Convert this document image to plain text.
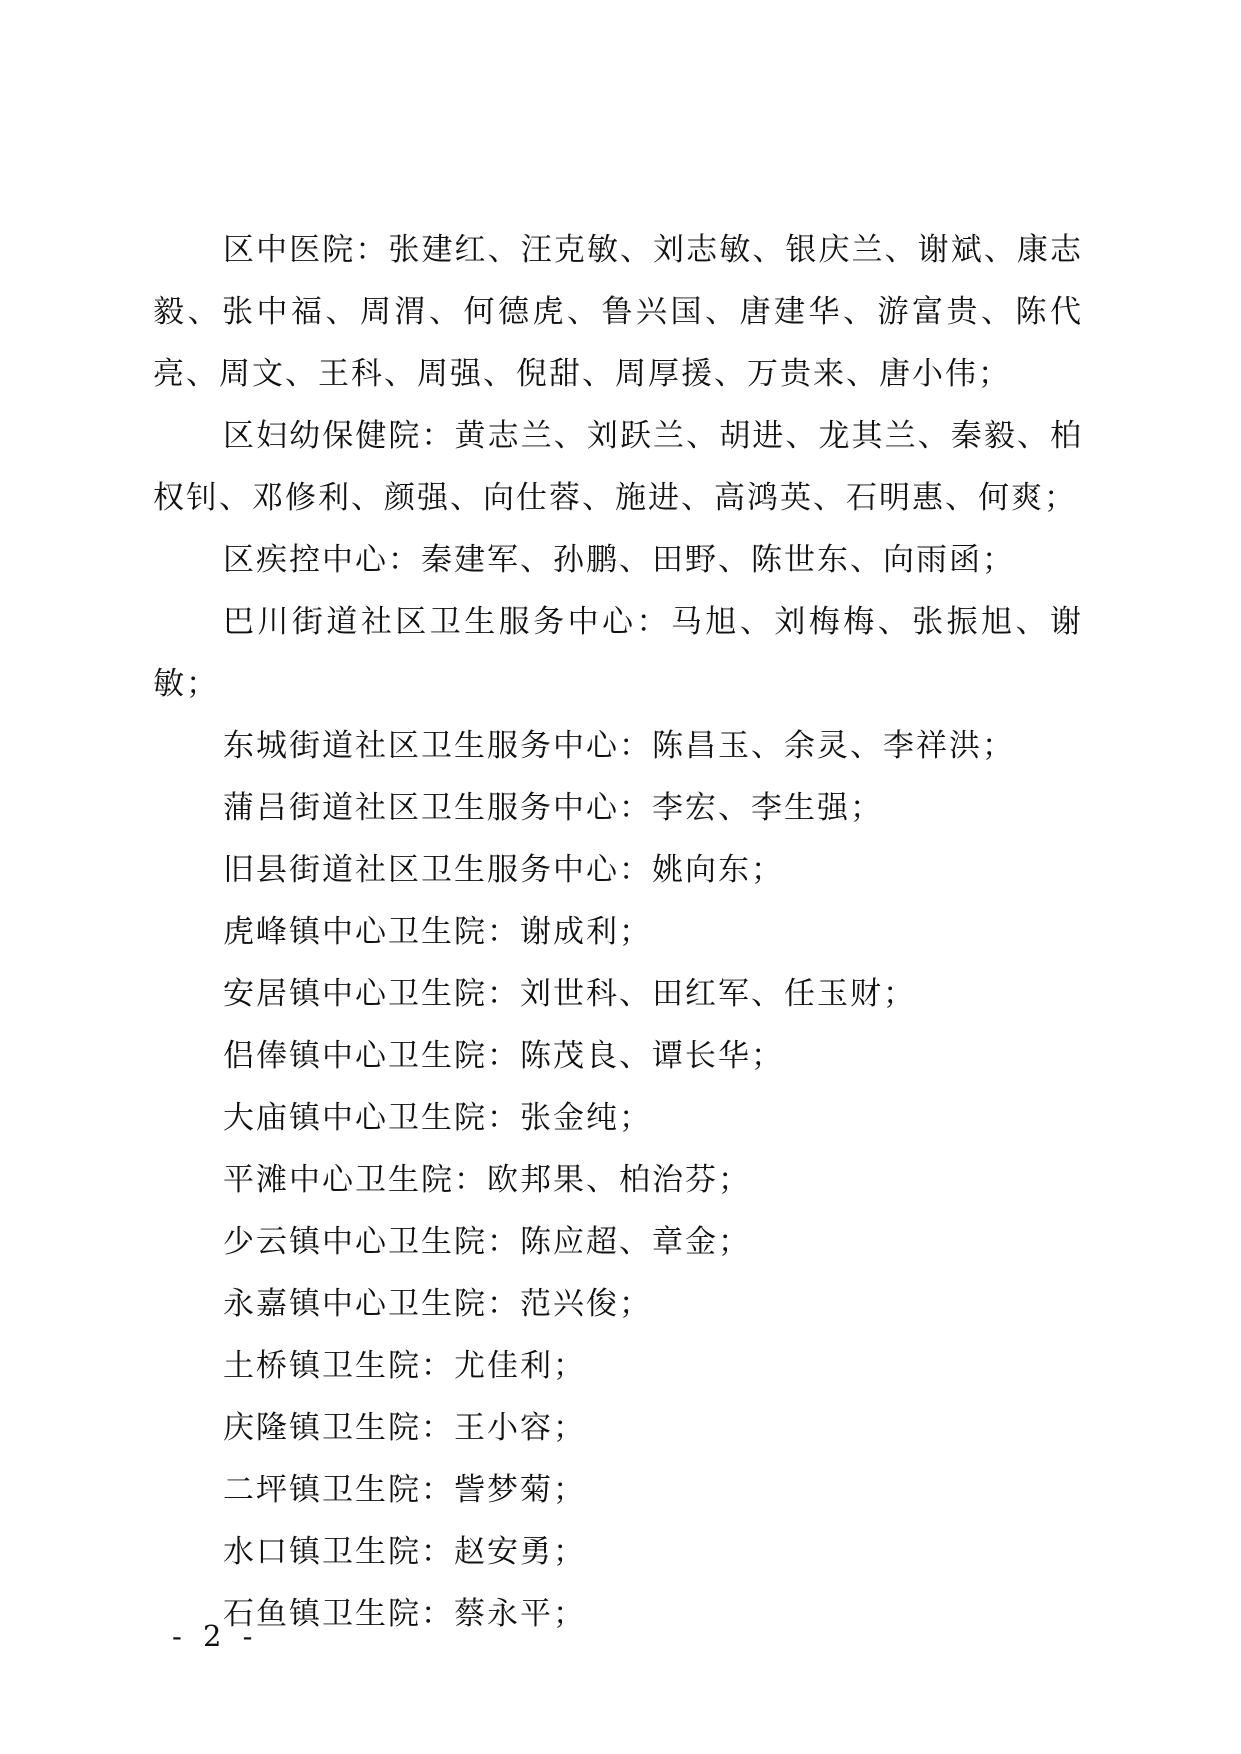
区中医院：张建红、汪克敏、刘志敏、银庆兰、谢斌、康志毅、张中福、周渭、何德虎、鲁兴国、唐建华、游富贵、陈代亮、周文、王科、周强、倪甜、周厚援、万贵来、唐小伟；

区妇幼保健院：黄志兰、刘跃兰、胡进、龙其兰、秦毅、柏权钊、邓修利、颜强、向仕蓉、施进、高鸿英、石明惠、何爽；

区疾控中心：秦建军、孙鹏、田野、陈世东、向雨函；

巴川街道社区卫生服务中心：马旭、刘梅梅、张振旭、谢敏；

东城街道社区卫生服务中心：陈昌玉、余灵、李祥洪；

蒲吕街道社区卫生服务中心：李宏、李生强；

旧县街道社区卫生服务中心：姚向东；

虎峰镇中心卫生院：谢成利；

安居镇中心卫生院：刘世科、田红军、任玉财；

侣俸镇中心卫生院：陈茂良、谭长华；

大庙镇中心卫生院：张金纯；

平滩中心卫生院：欧邦果、柏治芬；

少云镇中心卫生院：陈应超、章金；

永嘉镇中心卫生院：范兴俊；

土桥镇卫生院：尤佳利；

庆隆镇卫生院：王小容；

二坪镇卫生院：訾梦菊；

水口镇卫生院：赵安勇；

石鱼镇卫生院：蔡永平；

- 2 -
